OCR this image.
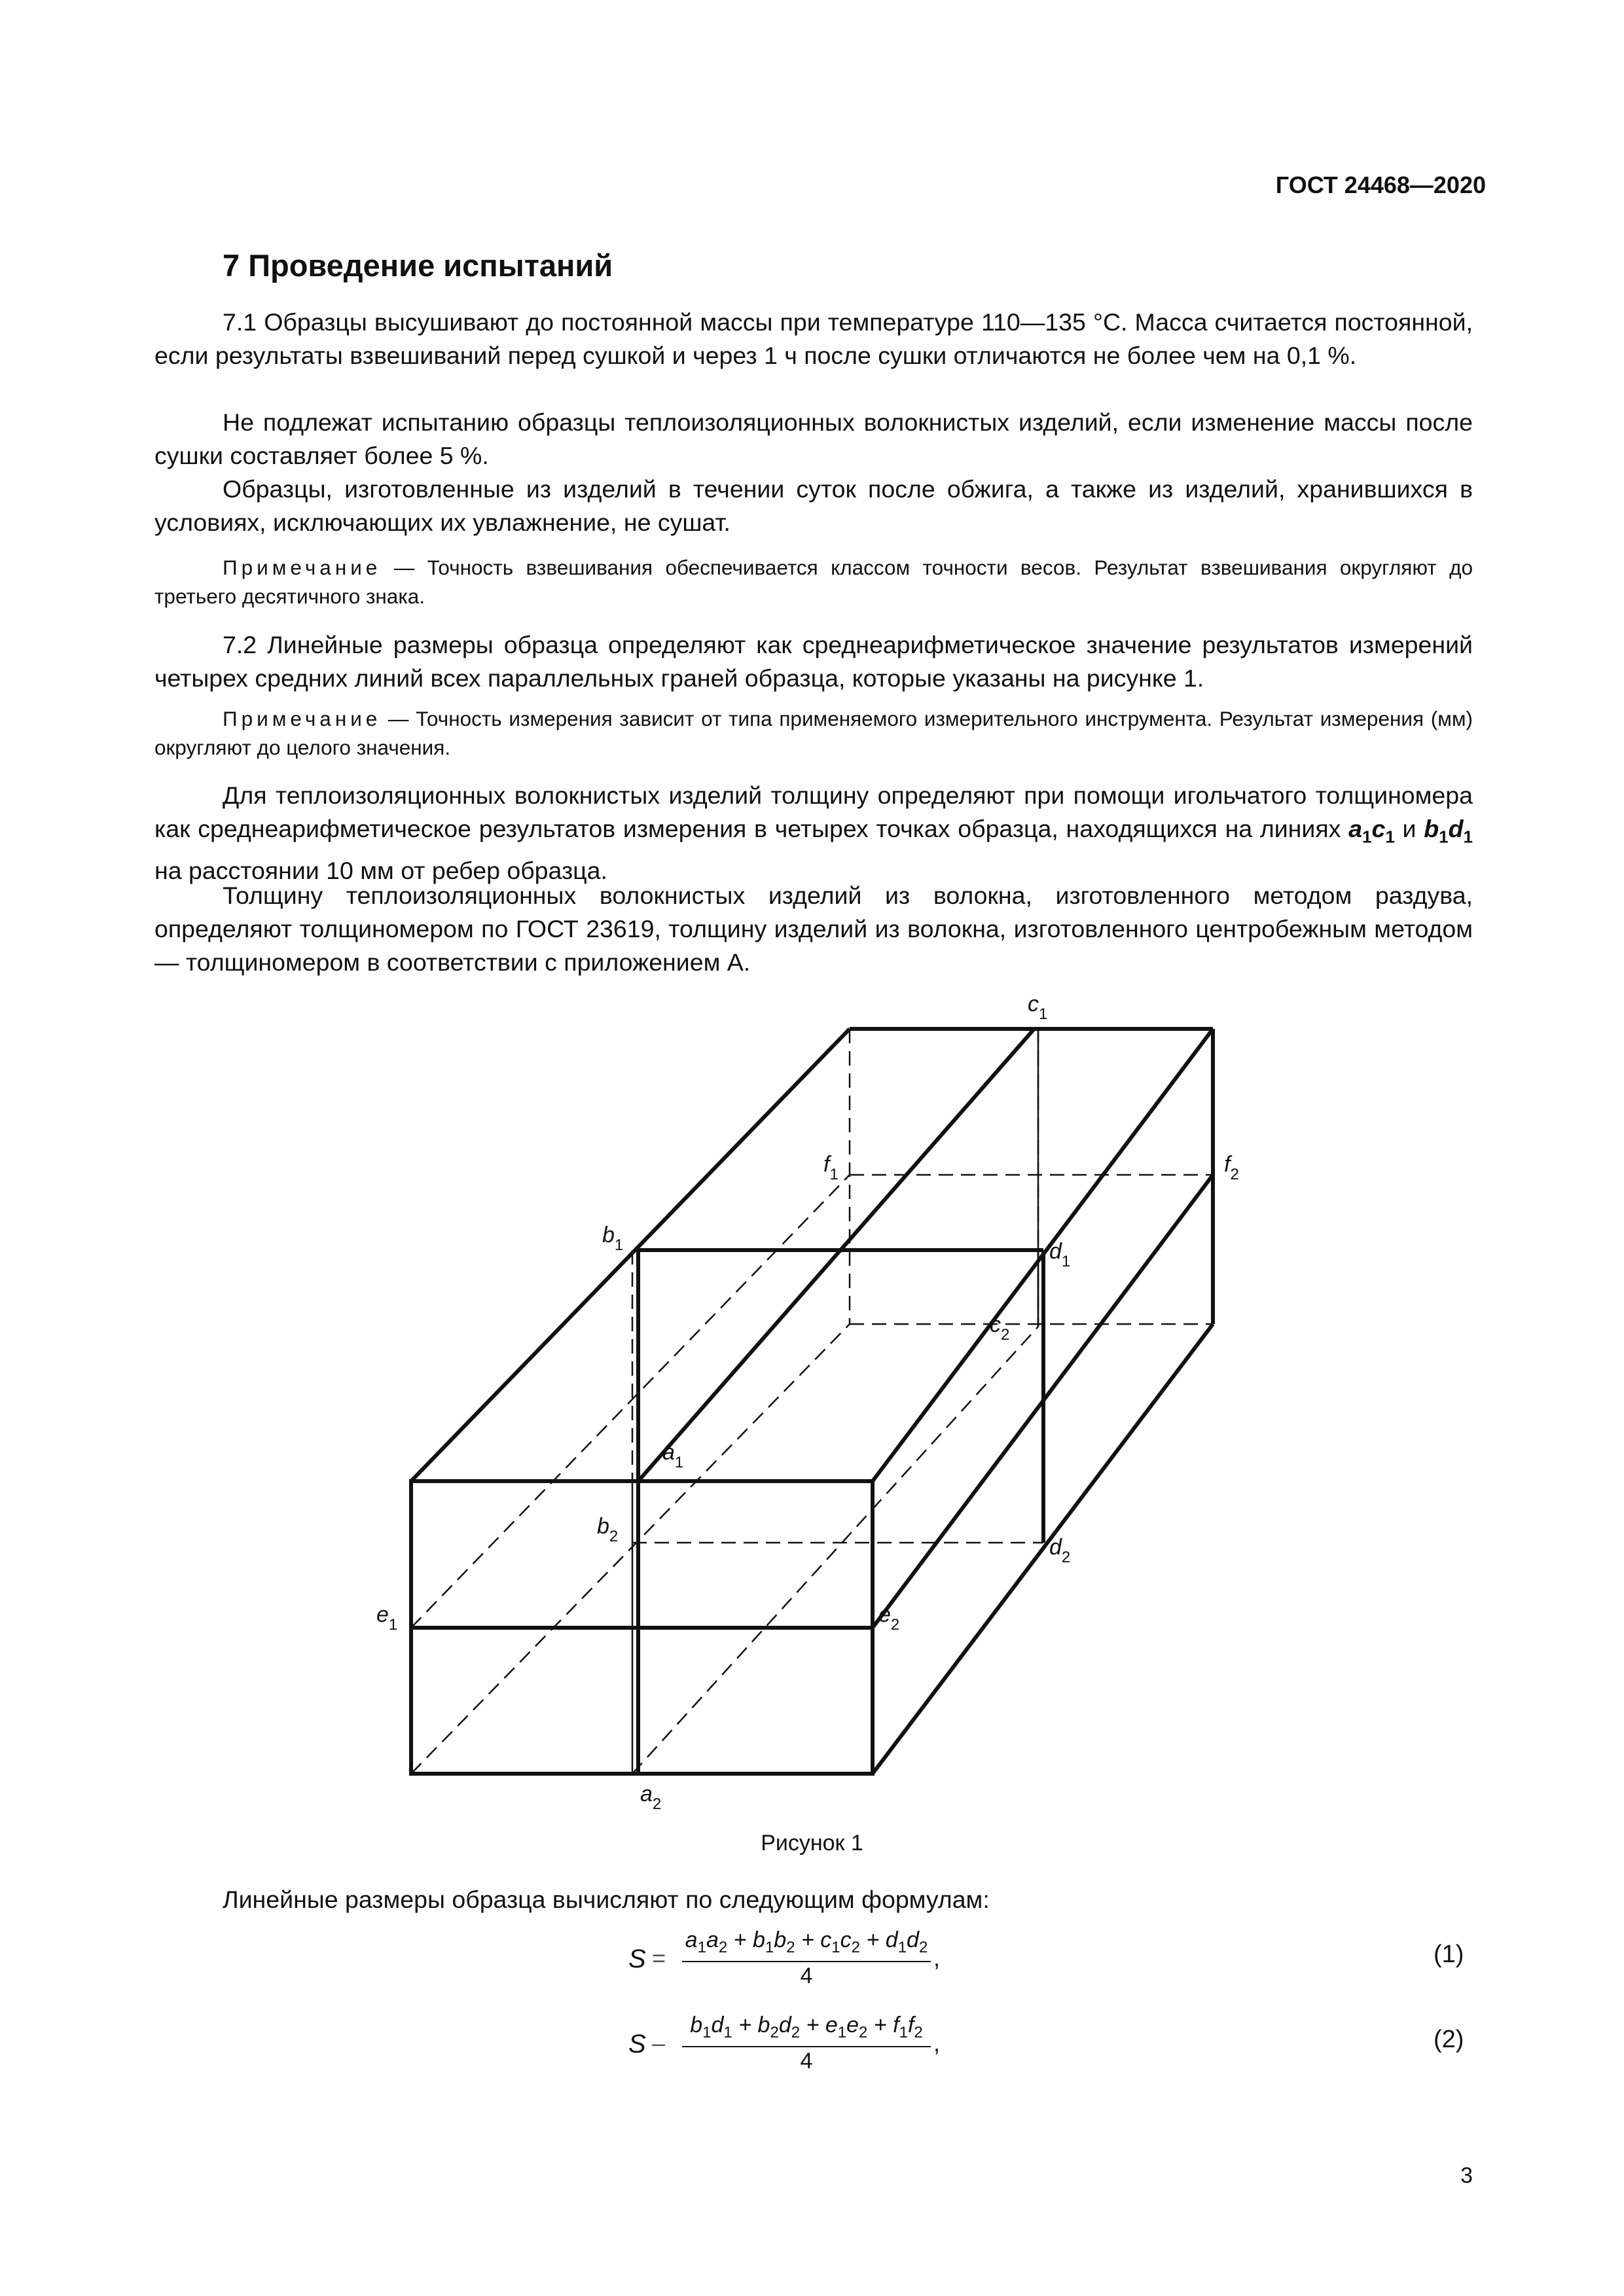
ГОСТ 24468—2020
7 Проведение испытаний

7.1 Образцы высушивают до постоянной массы при температуре 110—135 °С. Масса считается постоянной, если результаты взвешиваний перед сушкой и через 1 ч после сушки отличаются не более чем на 0,1 %.

Не подлежат испытанию образцы теплоизоляционных волокнистых изделий, если изменение массы после сушки составляет более 5 %.

Образцы, изготовленные из изделий в течении суток после обжига, а также из изделий, хранившихся в условиях, исключающих их увлажнение, не сушат.

Примечание — Точность взвешивания обеспечивается классом точности весов. Результат взвешивания округляют до третьего десятичного знака.

7.2 Линейные размеры образца определяют как среднеарифметическое значение результатов измерений четырех средних линий всех параллельных граней образца, которые указаны на рисунке 1.

Примечание — Точность измерения зависит от типа применяемого измерительного инструмента. Результат измерения (мм) округляют до целого значения.

Для теплоизоляционных волокнистых изделий толщину определяют при помощи игольчатого толщиномера как среднеарифметическое результатов измерения в четырех точках образца, находящихся на линиях $a_1c_1$ и $b_1d_1$ на расстоянии 10 мм от ребер образца.

Толщину теплоизоляционных волокнистых изделий из волокна, изготовленного методом раздува, определяют толщиномером по ГОСТ 23619, толщину изделий из волокна, изготовленного центробежным методом — толщиномером в соответствии с приложением А.

$c_1$
$f_1$	$f_2$
$b_1$	$d_1$
$c_2$
$a_1$
$b_2$	$d_2$
$e_1$	$e_2$
$a_2$
Рисунок 1

Линейные размеры образца вычисляют по следующим формулам:

S =
$a_1a_2 + b_1b_2 + c_1c_2 + d_1d_2$
4
,	(1)
S –
$b_1d_1 + b_2d_2 + e_1e_2 + f_1f_2$
4
,	(2)
3
